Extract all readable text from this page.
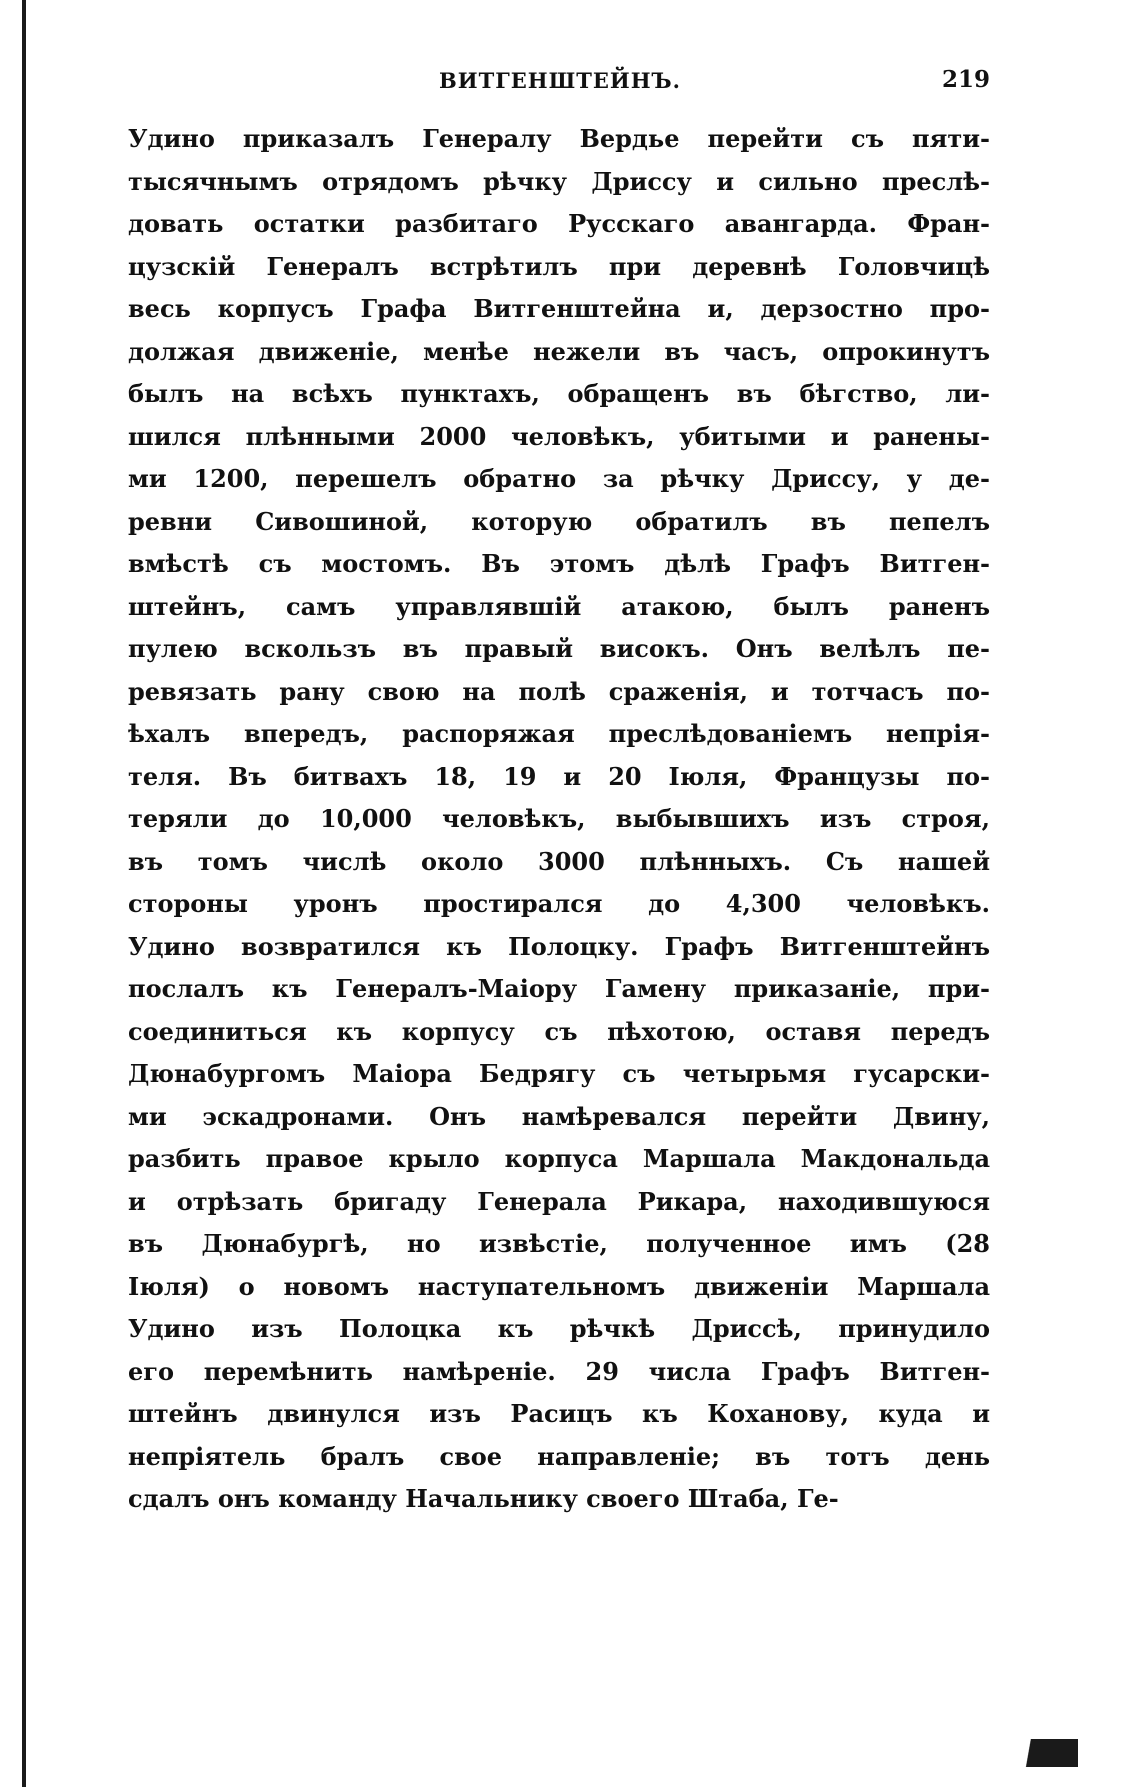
ВИТГЕНШТЕЙНЪ.	219
Удино приказалъ Генералу Вердье перейти съ пяти-
тысячнымъ отрядомъ рѣчку Дриссу и сильно преслѣ-
довать остатки разбитаго Русскаго авангарда. Фран-
цузскій Генералъ встрѣтилъ при деревнѣ Головчицѣ
весь корпусъ Графа Витгенштейна и, дерзостно про-
должая движеніе, менѣе нежели въ часъ, опрокинутъ
былъ на всѣхъ пунктахъ, обращенъ въ бѣгство, ли-
шился плѣнными 2000 человѣкъ, убитыми и ранены-
ми 1200, перешелъ обратно за рѣчку Дриссу, у де-
ревни Сивошиной, которую обратилъ въ пепелъ
вмѣстѣ съ мостомъ. Въ этомъ дѣлѣ Графъ Витген-
штейнъ, самъ управлявшій атакою, былъ раненъ
пулею вскользъ въ правый високъ. Онъ велѣлъ пе-
ревязать рану свою на полѣ сраженія, и тотчасъ по-
ѣхалъ впередъ, распоряжая преслѣдованіемъ непрія-
теля. Въ битвахъ 18, 19 и 20 Іюля, Французы по-
теряли до 10,000 человѣкъ, выбывшихъ изъ строя,
въ томъ числѣ около 3000 плѣнныхъ. Съ нашей
стороны уронъ простирался до 4,300 человѣкъ.
Удино возвратился къ Полоцку. Графъ Витгенштейнъ
послалъ къ Генералъ-Маіору Гамену приказаніе, при-
соединиться къ корпусу съ пѣхотою, оставя передъ
Дюнабургомъ Маіора Бедрягу съ четырьмя гусарски-
ми эскадронами. Онъ намѣревался перейти Двину,
разбить правое крыло корпуса Маршала Макдональда
и отрѣзать бригаду Генерала Рикара, находившуюся
въ Дюнабургѣ, но извѣстіе, полученное имъ (28
Іюля) о новомъ наступательномъ движеніи Маршала
Удино изъ Полоцка къ рѣчкѣ Дриссѣ, принудило
его перемѣнить намѣреніе. 29 числа Графъ Витген-
штейнъ двинулся изъ Расицъ къ Коханову, куда и
непріятель бралъ свое направленіе; въ тотъ день
сдалъ онъ команду Начальнику своего Штаба, Ге-
